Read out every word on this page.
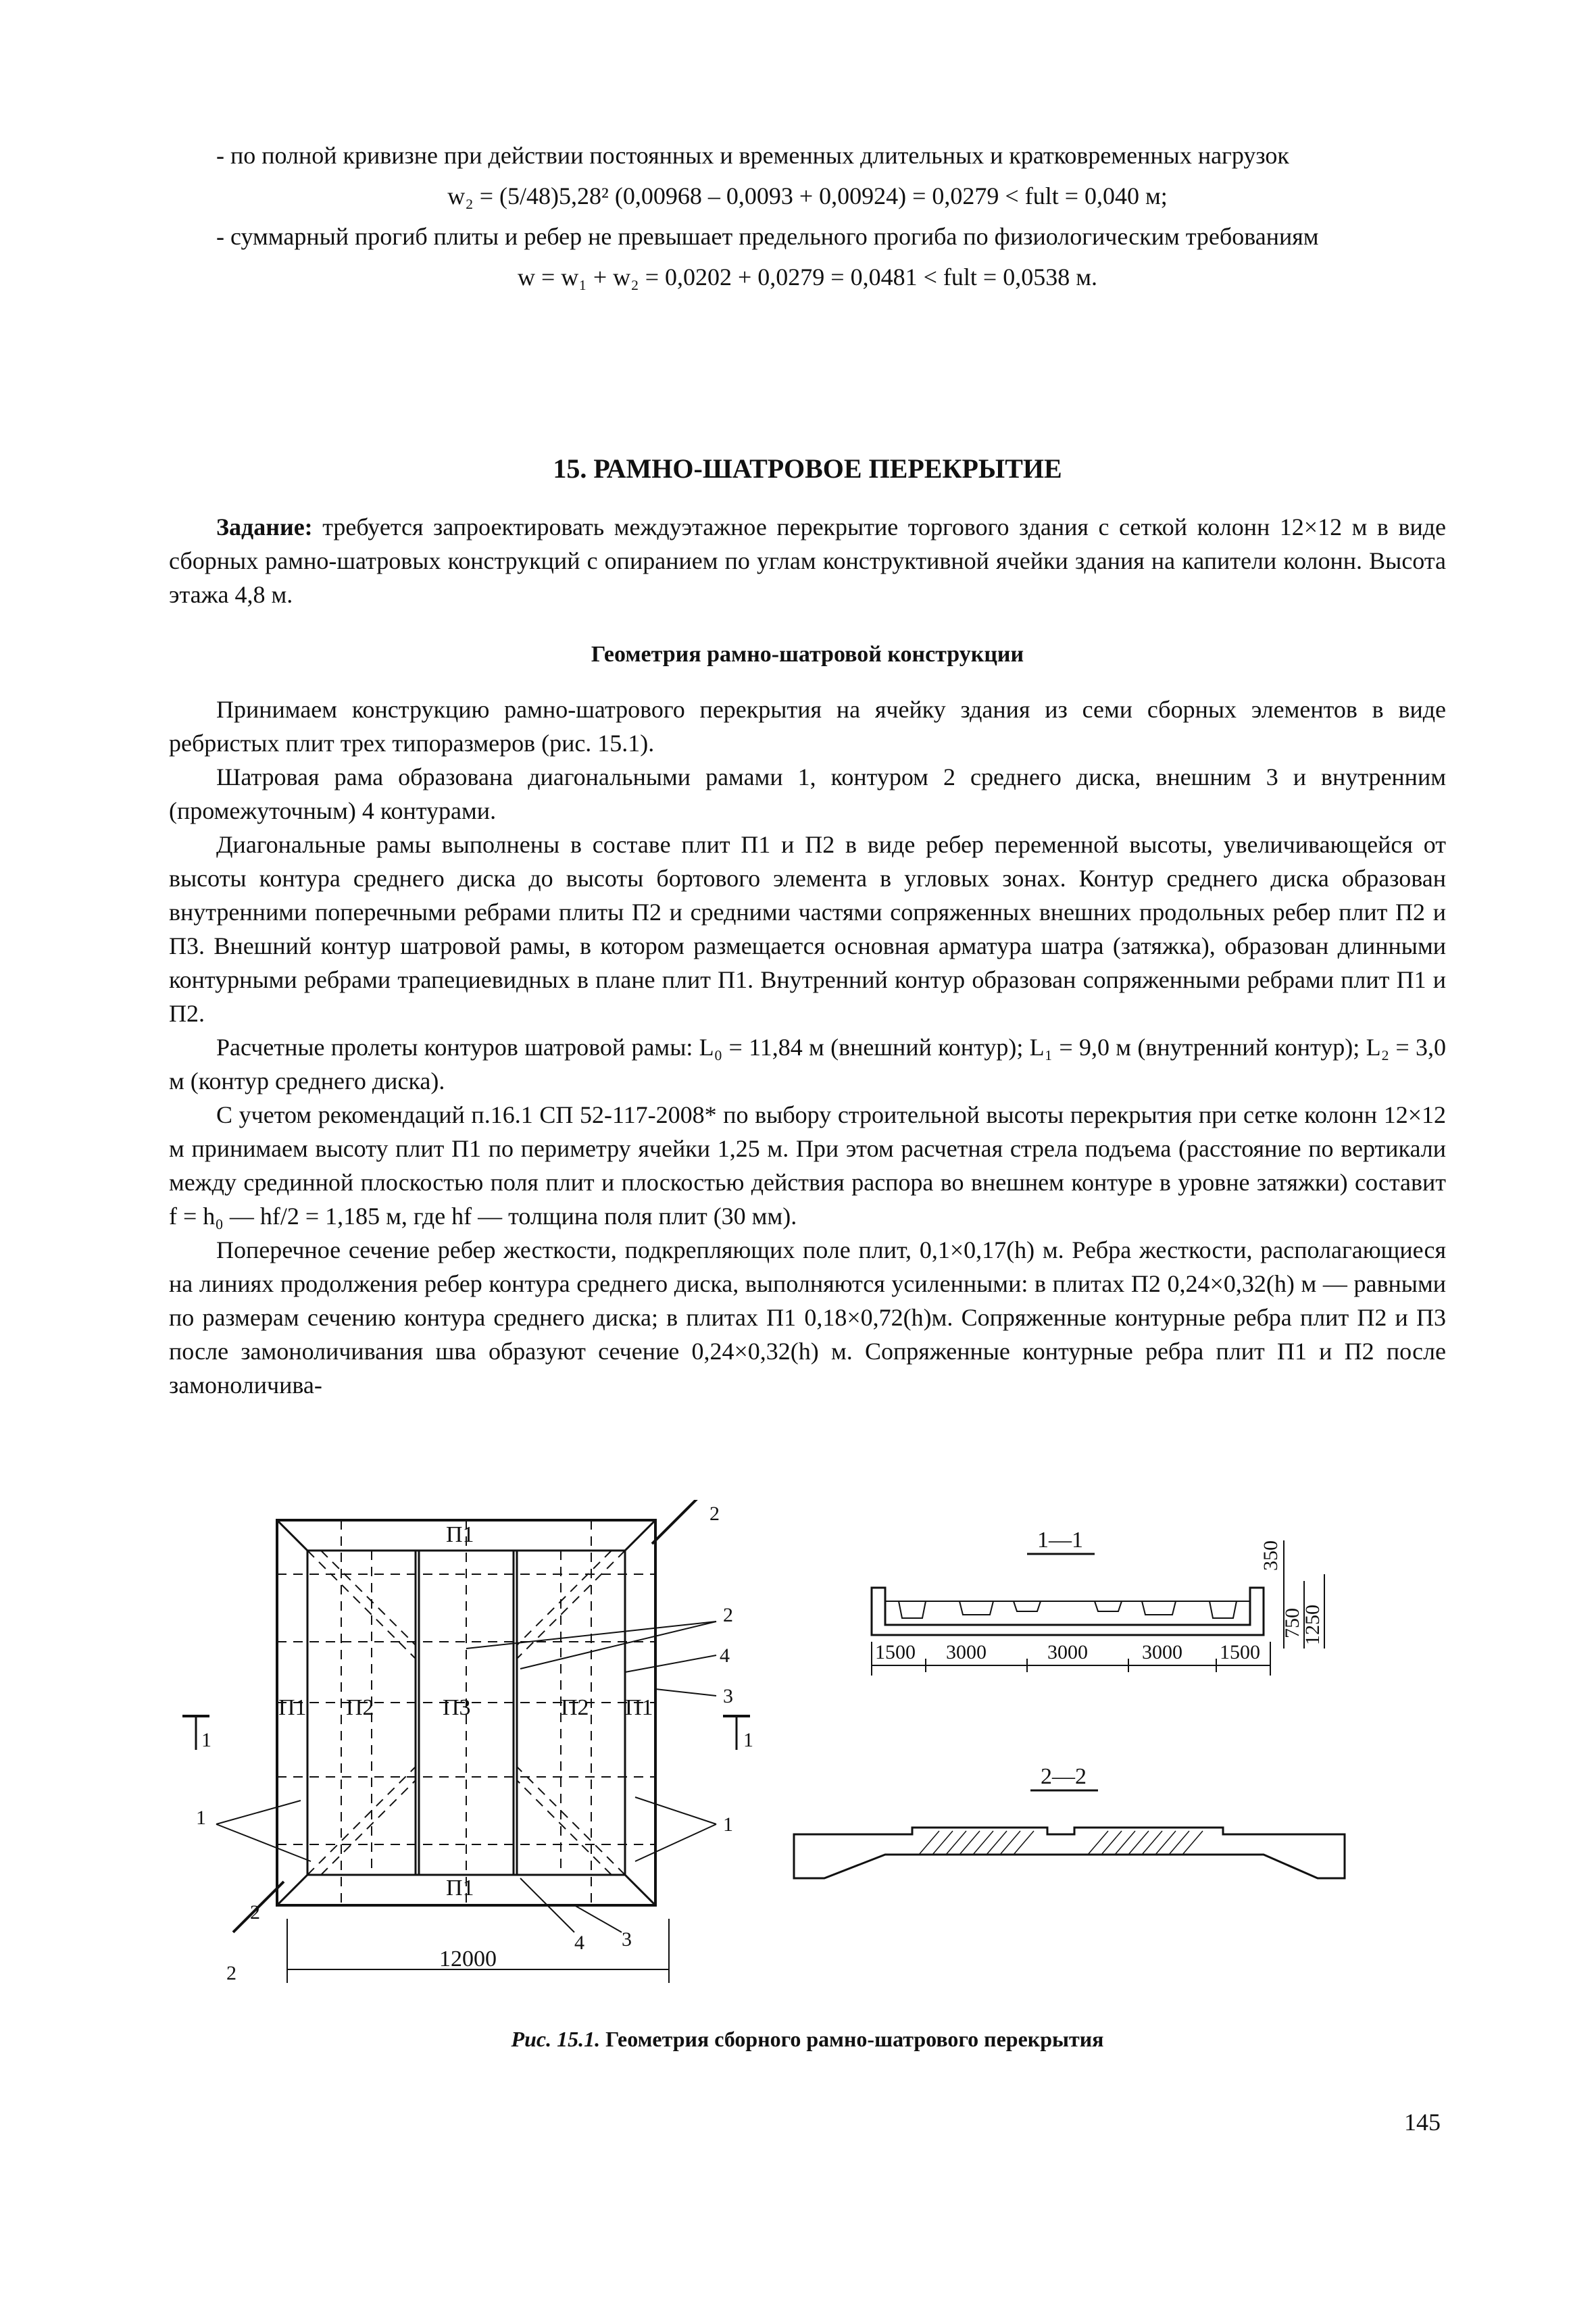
- по полной кривизне при действии постоянных и временных длительных и кратковременных нагрузок

w₂ = (5/48)5,28² (0,00968 – 0,0093 + 0,00924) = 0,0279 < fult = 0,040 м;

- суммарный прогиб плиты и ребер не превышает предельного прогиба по физиологическим требованиям

w = w₁ + w₂ = 0,0202 + 0,0279 = 0,0481 < fult = 0,0538 м.

15. РАМНО-ШАТРОВОЕ ПЕРЕКРЫТИЕ

Задание: требуется запроектировать междуэтажное перекрытие торгового здания с сеткой колонн 12×12 м в виде сборных рамно-шатровых конструкций с опиранием по углам конструктивной ячейки здания на капители колонн. Высота этажа 4,8 м.

Геометрия рамно-шатровой конструкции

Принимаем конструкцию рамно-шатрового перекрытия на ячейку здания из семи сборных элементов в виде ребристых плит трех типоразмеров (рис. 15.1).

Шатровая рама образована диагональными рамами 1, контуром 2 среднего диска, внешним 3 и внутренним (промежуточным) 4 контурами.

Диагональные рамы выполнены в составе плит П1 и П2 в виде ребер переменной высоты, увеличивающейся от высоты контура среднего диска до высоты бортового элемента в угловых зонах. Контур среднего диска образован внутренними поперечными ребрами плиты П2 и средними частями сопряженных внешних продольных ребер плит П2 и П3. Внешний контур шатровой рамы, в котором размещается основная арматура шатра (затяжка), образован длинными контурными ребрами трапециевидных в плане плит П1. Внутренний контур образован сопряженными ребрами плит П1 и П2.

Расчетные пролеты контуров шатровой рамы: L₀ = 11,84 м (внешний контур); L₁ = 9,0 м (внутренний контур); L₂ = 3,0 м (контур среднего диска).

С учетом рекомендаций п.16.1 СП 52-117-2008* по выбору строительной высоты перекрытия при сетке колонн 12×12 м принимаем высоту плит П1 по периметру ячейки 1,25 м. При этом расчетная стрела подъема (расстояние по вертикали между срединной плоскостью поля плит и плоскостью действия распора во внешнем контуре в уровне затяжки) составит f = h₀ — hf/2 = 1,185 м, где hf — толщина поля плит (30 мм).

Поперечное сечение ребер жесткости, подкрепляющих поле плит, 0,1×0,17(h) м. Ребра жесткости, располагающиеся на линиях продолжения ребер контура среднего диска, выполняются усиленными: в плитах П2 0,24×0,32(h) м — равными по размерам сечению контура среднего диска; в плитах П1 0,18×0,72(h)м. Сопряженные контурные ребра плит П2 и П3 после замоноличивания шва образуют сечение 0,24×0,32(h) м. Сопряженные контурные ребра плит П1 и П2 после замоноличива-

П1
П1
П1	П1
П2	П3	П2
12000
1	1
2
2
3
3
4
4
1	1
2
2
1—1
1500 3000	3000	3000 1500
350
750
1250
2—2

Рис. 15.1. Геометрия сборного рамно-шатрового перекрытия

145
